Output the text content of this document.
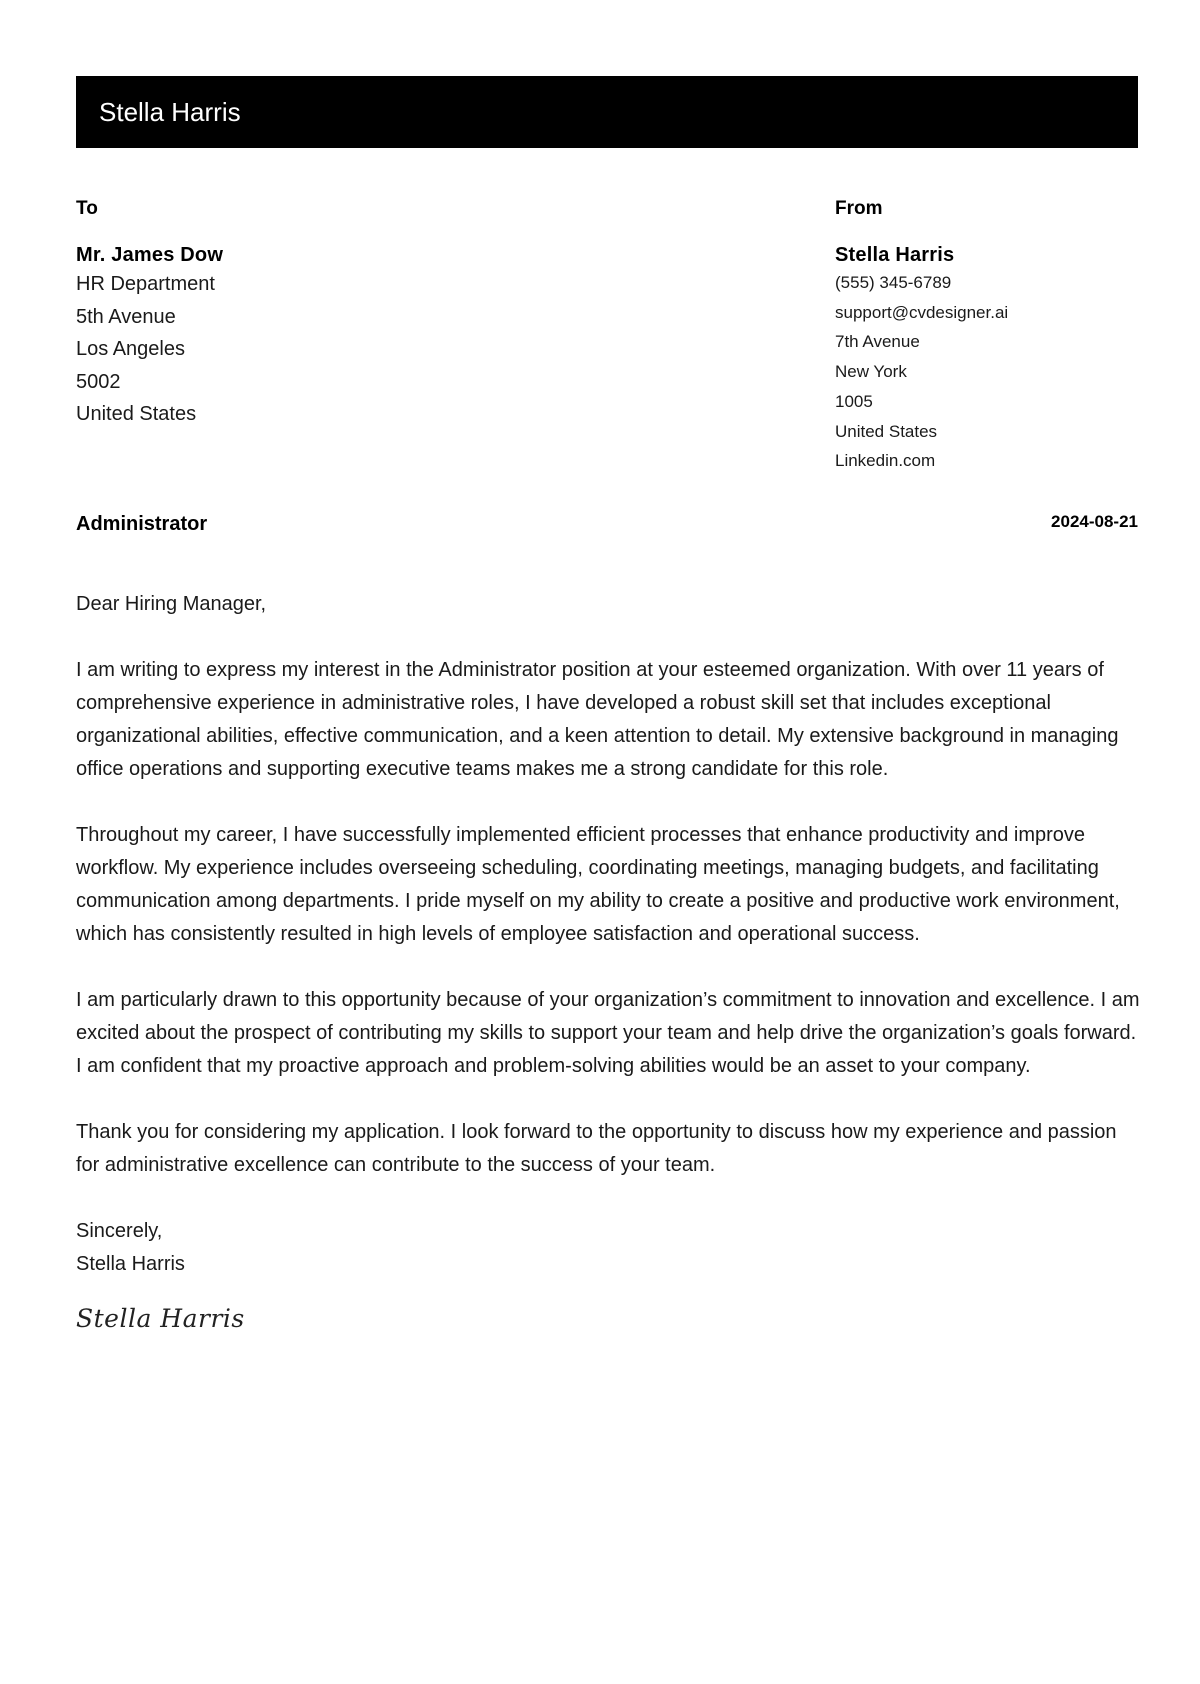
Stella Harris
To
Mr. James Dow
HR Department
5th Avenue
Los Angeles
5002
United States
From
Stella Harris
(555) 345-6789
support@cvdesigner.ai
7th Avenue
New York
1005
United States
Linkedin.com
Administrator	2024-08-21

Dear Hiring Manager,

I am writing to express my interest in the Administrator position at your esteemed organization. With over 11 years of comprehensive experience in administrative roles, I have developed a robust skill set that includes exceptional organizational abilities, effective communication, and a keen attention to detail. My extensive background in managing office operations and supporting executive teams makes me a strong candidate for this role.

Throughout my career, I have successfully implemented efficient processes that enhance productivity and improve workflow. My experience includes overseeing scheduling, coordinating meetings, managing budgets, and facilitating communication among departments. I pride myself on my ability to create a positive and productive work environment, which has consistently resulted in high levels of employee satisfaction and operational success.

I am particularly drawn to this opportunity because of your organization’s commitment to innovation and excellence. I am excited about the prospect of contributing my skills to support your team and help drive the organization’s goals forward. I am confident that my proactive approach and problem-solving abilities would be an asset to your company.

Thank you for considering my application. I look forward to the opportunity to discuss how my experience and passion for administrative excellence can contribute to the success of your team.

Sincerely,
Stella Harris
Stella Harris
